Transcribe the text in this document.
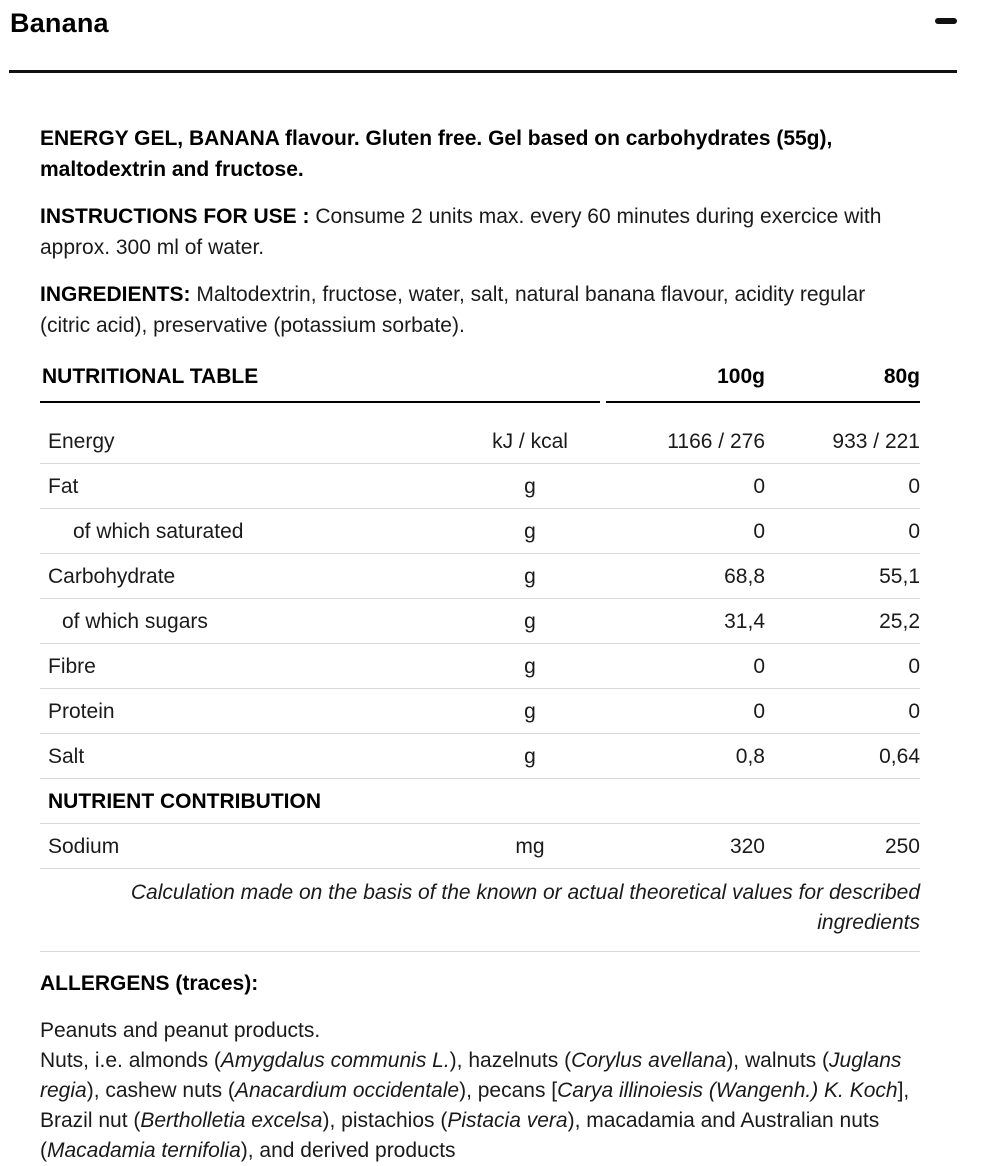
Banana

ENERGY GEL, BANANA flavour. Gluten free. Gel based on carbohydrates (55g), maltodextrin and fructose.

INSTRUCTIONS FOR USE : Consume 2 units max. every 60 minutes during exercice with approx. 300 ml of water.

INGREDIENTS: Maltodextrin, fructose, water, salt, natural banana flavour, acidity regular (citric acid), preservative (potassium sorbate).

NUTRITIONAL TABLE	100g	80g
Energy	kJ / kcal	1166 / 276	933 / 221
Fat	g	0	0
of which saturated	g	0	0
Carbohydrate	g	68,8	55,1
of which sugars	g	31,4	25,2
Fibre	g	0	0
Protein	g	0	0
Salt	g	0,8	0,64
NUTRIENT CONTRIBUTION
Sodium	mg	320	250
Calculation made on the basis of the known or actual theoretical values for described ingredients
ALLERGENS (traces):
Peanuts and peanut products.
Nuts, i.e. almonds (Amygdalus communis L.), hazelnuts (Corylus avellana), walnuts (Juglans regia), cashew nuts (Anacardium occidentale), pecans [Carya illinoiesis (Wangenh.) K. Koch], Brazil nut (Bertholletia excelsa), pistachios (Pistacia vera), macadamia and Australian nuts (Macadamia ternifolia), and derived products
